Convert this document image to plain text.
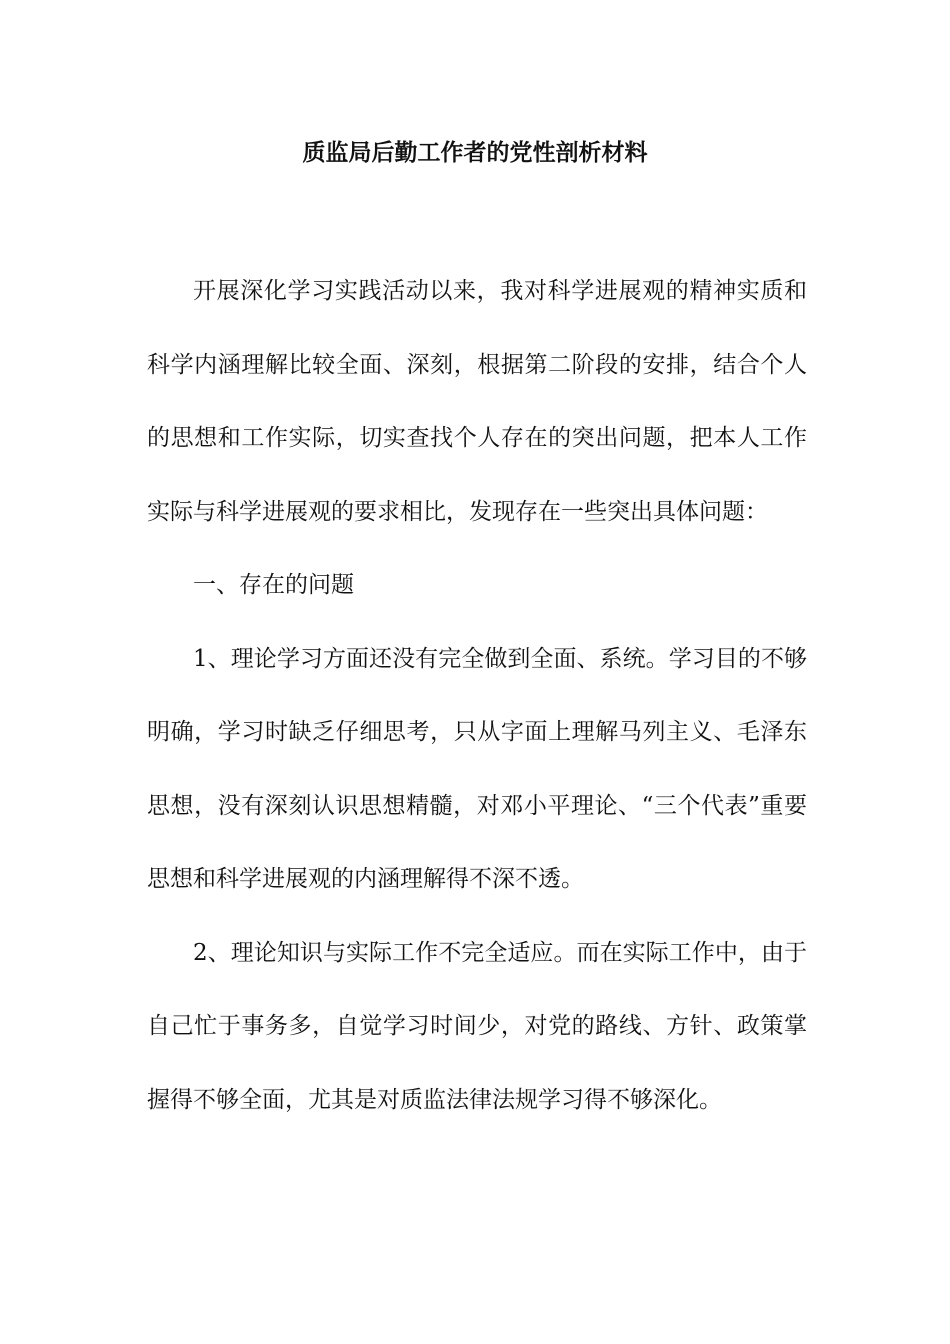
质监局后勤工作者的党性剖析材料

开展深化学习实践活动以来，我对科学进展观的精神实质和科学内涵理解比较全面、深刻，根据第二阶段的安排，结合个人的思想和工作实际，切实查找个人存在的突出问题，把本人工作实际与科学进展观的要求相比，发现存在一些突出具体问题：

一、存在的问题

1、理论学习方面还没有完全做到全面、系统。学习目的不够明确，学习时缺乏仔细思考，只从字面上理解马列主义、毛泽东思想，没有深刻认识思想精髓，对邓小平理论、“三个代表”重要思想和科学进展观的内涵理解得不深不透。

2、理论知识与实际工作不完全适应。而在实际工作中，由于自己忙于事务多，自觉学习时间少，对党的路线、方针、政策掌握得不够全面，尤其是对质监法律法规学习得不够深化。
